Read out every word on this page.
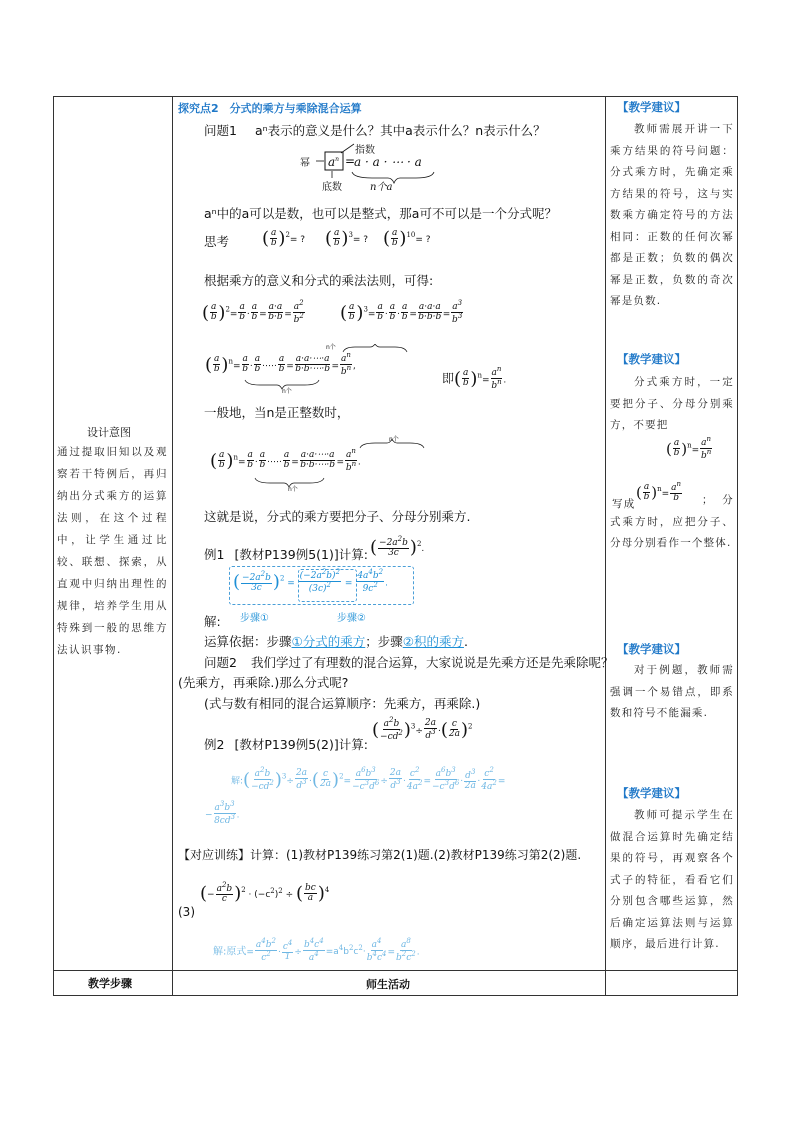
探究点2　分式的乘方与乘除混合运算
问题1 aⁿ表示的意义是什么？其中a表示什么？n表示什么？
幂
指数
$a^n$ =
a · a · ⋯ · a
底数	n个a
aⁿ中的a可以是数，也可以是整式，那a可不可以是一个分式呢？
思考 ( $\frac{a}{b} )^2=$ ? ( $\frac{a}{b} )^3=$ ? ( $\frac{a}{b} )^{10}=$ ?
根据乘方的意义和分式的乘法法则，可得:
( $\frac{a}{b} )^2= \frac{a}{b} \cdot \frac{a}{b} = \frac{a\cdot a}{b\cdot b} = \frac{a^2}{b^2}$ ( $\frac{a}{b} )^3= \frac{a}{b} \cdot \frac{a}{b} \cdot \frac{a}{b} = \frac{a\cdot a\cdot a}{b\cdot b\cdot b} = \frac{a^3}{b^3}$
n个
n个
( $\frac{a}{b} )^n= \frac{a}{b} \cdot \frac{a}{b}$ ·⋯· $\frac{a}{b} = \frac{a\cdot a\cdot\cdots\cdot a}{b\cdot b\cdot\cdots\cdot b} = \frac{a^n}{b^n}$ ,
即( $\frac{a}{b} )^n= \frac{a^n}{b^n}$ .
一般地，当n是正整数时，
n个
n个
( $\frac{a}{b} )^n= \frac{a}{b} \cdot \frac{a}{b}$ ·⋯· $\frac{a}{b} = \frac{a\cdot a\cdot\cdots\cdot a}{b\cdot b\cdot\cdots\cdot b} = \frac{a^n}{b^n}$ .
这就是说，分式的乘方要把分子、分母分别乘方.
例1 [教材P139例5(1)]计算: ( $\frac{-2a^2b}{3c} )^2$.
( $\frac{-2a^2b}{3c} )^2 = \frac{(-2a^2b)^2}{(3c)^2} = \frac{4a^4b^2}{9c^2}$ .
解: 步骤①	步骤②
运算依据：步骤①分式的乘方；步骤②积的乘方.
问题2 我们学过了有理数的混合运算，大家说说是先乘方还是先乘除呢？
(先乘方，再乘除.)那么分式呢?
(式与数有相同的混合运算顺序：先乘方，再乘除.)
例2 [教材P139例5(2)]计算:
( $\frac{a^2b}{-cd^2} )^3\div \frac{2a}{d^3}$ ·( $\frac{c}{2a} )^2$
解:( $\frac{a^2b}{-cd^2} )^3\div \frac{2a}{d^3}$ ·( $\frac{c}{2a} )^2= \frac{a^6b^3}{-c^3d^6} \div \frac{2a}{d^3} \cdot \frac{c^2}{4a^2} = \frac{a^6b^3}{-c^3d^6} \cdot \frac{d^3}{2a} \cdot \frac{c^2}{4a^2}$ =
− $\frac{a^3b^3}{8cd^3}$ .
【对应训练】计算：(1)教材P139练习第2(1)题.(2)教材P139练习第2(2)题.
(3)
(− $\frac{a^2b}{c} )^2 \cdot (-c^2)^2$ ÷ ( $\frac{bc}{a} )^4$
解:原式= $\frac{a^4b^2}{c^2} \cdot \frac{c^4}{1} \div \frac{b^4c^4}{a^4} =a^4b^2c^2\cdot \frac{a^4}{b^4c^4} = \frac{a^8}{b^2c^2}$ .
设计意图
通过提取旧知以及观察若干特例后，再归纳出分式乘方的运算法则，在这个过程中，让学生通过比较、联想、探索，从直观中归纳出理性的规律，培养学生用从特殊到一般的思维方法认识事物.
【教学建议】
教师需展开讲一下乘方结果的符号问题：分式乘方时，先确定乘方结果的符号，这与实数乘方确定符号的方法相同：正数的任何次幂都是正数；负数的偶次幂是正数，负数的奇次幂是负数.
【教学建议】
分式乘方时，一定要把分子、分母分别乘方，不要把
( $\frac{a}{b} )^n= \frac{a^n}{b^n}$
写成
( $\frac{a}{b} )^n= \frac{a^n}{b}$	；分式乘方时，应把分子、分母分别看作一个整体.
【教学建议】
对于例题，教师需强调一个易错点，即系数和符号不能漏乘.
【教学建议】
教师可提示学生在做混合运算时先确定结果的符号，再观察各个式子的特征，看看它们分别包含哪些运算，然后确定运算法则与运算顺序，最后进行计算.
教学步骤	师生活动
